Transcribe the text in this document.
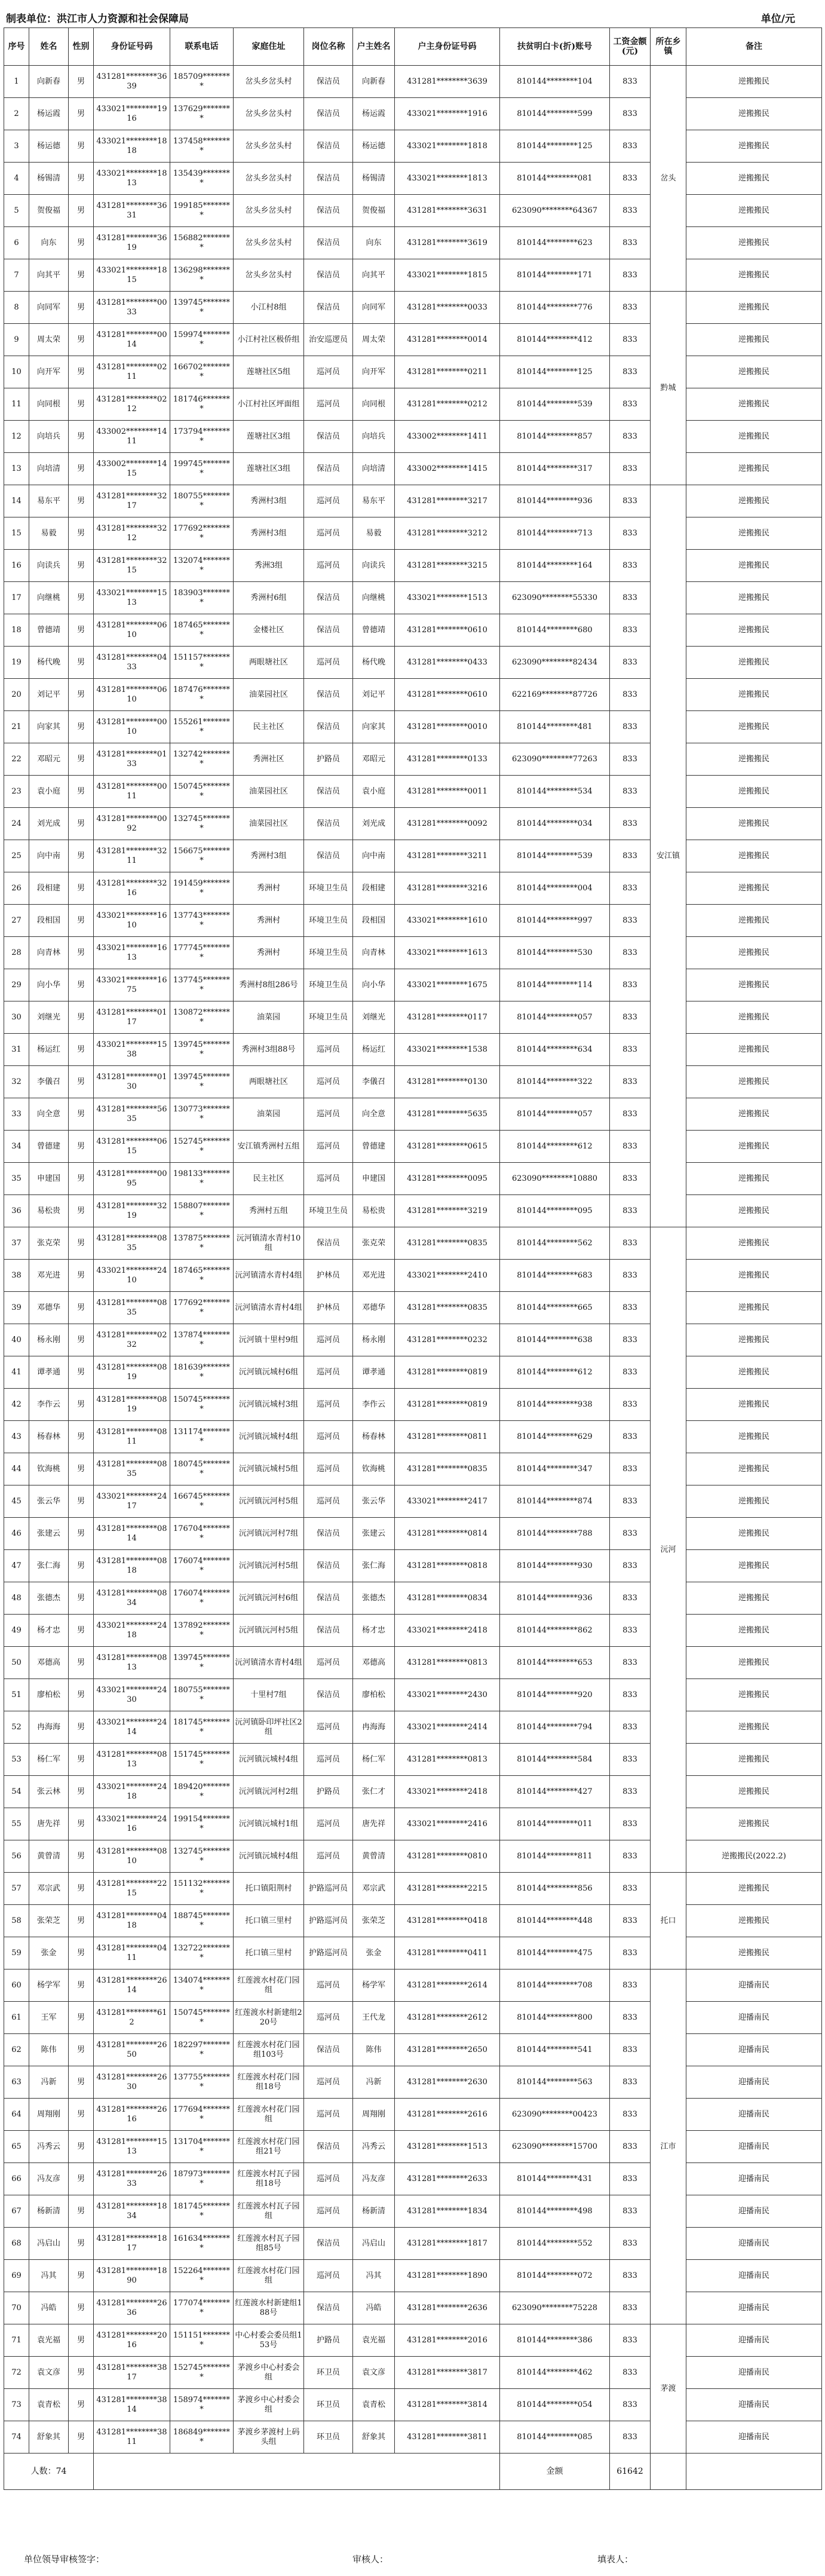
制表单位：洪江市人力资源和社会保障局	单位/元
序号	姓名	性别	身份证号码	联系电话	家庭住址	岗位名称	户主姓名	户主身份证号码	扶贫明白卡(折)账号	工资金额(元)	所在乡镇	备注
1	向新春	男	431281********3639	185709********	岔头乡岔头村	保洁员	向新春	431281********3639	810144********104	833	岔头	逆搬搬民
2	杨运霞	男	433021********1916	137629********	岔头乡岔头村	保洁员	杨运霞	433021********1916	810144********599	833		逆搬搬民
3	杨运德	男	433021********1818	137458********	岔头乡岔头村	保洁员	杨运德	433021********1818	810144********125	833		逆搬搬民
4	杨锡清	男	433021********1813	135439********	岔头乡岔头村	保洁员	杨锡清	433021********1813	810144********081	833		逆搬搬民
5	贺俊福	男	431281********3631	199185********	岔头乡岔头村	保洁员	贺俊福	431281********3631	623090********64367	833		逆搬搬民
6	向东	男	431281********3619	156882********	岔头乡岔头村	保洁员	向东	431281********3619	810144********623	833		逆搬搬民
7	向其平	男	433021********1815	136298********	岔头乡岔头村	保洁员	向其平	433021********1815	810144********171	833		逆搬搬民
8	向同军	男	431281********0033	139745********	小江村8组	保洁员	向同军	431281********0033	810144********776	833	黔城	逆搬搬民
9	周太荣	男	431281********0014	159974********	小江村社区极侨组	治安巡逻员	周太荣	431281********0014	810144********412	833		逆搬搬民
10	向开军	男	431281********0211	166702********	莲塘社区5组	巡河员	向开军	431281********0211	810144********125	833		逆搬搬民
11	向同根	男	431281********0212	181746********	小江村社区坪面组	巡河员	向同根	431281********0212	810144********539	833		逆搬搬民
12	向培兵	男	433002********1411	173794********	莲塘社区3组	保洁员	向培兵	433002********1411	810144********857	833		逆搬搬民
13	向培清	男	433002********1415	199745********	莲塘社区3组	保洁员	向培清	433002********1415	810144********317	833		逆搬搬民
14	易东平	男	431281********3217	180755********	秀洲村3组	巡河员	易东平	431281********3217	810144********936	833	安江镇	逆搬搬民
15	易毅	男	431281********3212	177692********	秀洲村3组	巡河员	易毅	431281********3212	810144********713	833		逆搬搬民
16	向读兵	男	431281********3215	132074********	秀洲3组	巡河员	向读兵	431281********3215	810144********164	833		逆搬搬民
17	向继桃	男	433021********1513	183903********	秀洲村6组	保洁员	向继桃	433021********1513	623090********55330	833		逆搬搬民
18	曾德靖	男	431281********0610	187465********	金楼社区	保洁员	曾德靖	431281********0610	810144********680	833		逆搬搬民
19	杨代晚	男	431281********0433	151157********	两眼塘社区	巡河员	杨代晚	431281********0433	623090********82434	833		逆搬搬民
20	刘记平	男	431281********0610	187476********	油菜园社区	保洁员	刘记平	431281********0610	622169********87726	833		逆搬搬民
21	向家其	男	431281********0010	155261********	民主社区	保洁员	向家其	431281********0010	810144********481	833		逆搬搬民
22	邓昭元	男	431281********0133	132742********	秀洲社区	护路员	邓昭元	431281********0133	623090********77263	833		逆搬搬民
23	袁小庭	男	431281********0011	150745********	油菜园社区	保洁员	袁小庭	431281********0011	810144********534	833		逆搬搬民
24	刘光成	男	431281********0092	132745********	油菜园社区	保洁员	刘光成	431281********0092	810144********034	833		逆搬搬民
25	向中南	男	431281********3211	156675********	秀洲村3组	保洁员	向中南	431281********3211	810144********539	833		逆搬搬民
26	段相建	男	431281********3216	191459********	秀洲村	环境卫生员	段相建	431281********3216	810144********004	833		逆搬搬民
27	段相国	男	433021********1610	137743********	秀洲村	环境卫生员	段相国	433021********1610	810144********997	833		逆搬搬民
28	向青林	男	433021********1613	177745********	秀洲村	环境卫生员	向青林	433021********1613	810144********530	833		逆搬搬民
29	向小华	男	433021********1675	137745********	秀洲村8组286号	环境卫生员	向小华	433021********1675	810144********114	833		逆搬搬民
30	刘继光	男	431281********0117	130872********	油菜园	环境卫生员	刘继光	431281********0117	810144********057	833		逆搬搬民
31	杨运红	男	433021********1538	139745********	秀洲村3组88号	巡河员	杨运红	433021********1538	810144********634	833		逆搬搬民
32	李儀召	男	431281********0130	139745********	两眼塘社区	巡河员	李儀召	431281********0130	810144********322	833		逆搬搬民
33	向全意	男	431281********5635	130773********	油菜园	巡河员	向全意	431281********5635	810144********057	833		逆搬搬民
34	曾德建	男	431281********0615	152745********	安江镇秀洲村五组	巡河员	曾德建	431281********0615	810144********612	833		逆搬搬民
35	申建国	男	431281********0095	198133********	民主社区	巡河员	申建国	431281********0095	623090********10880	833		逆搬搬民
36	易松贵	男	431281********3219	158807********	秀洲村五组	环境卫生员	易松贵	431281********3219	810144********095	833		逆搬搬民
37	张克荣	男	431281********0835	137875********	沅河镇清水青村10组	保洁员	张克荣	431281********0835	810144********562	833	沅河	逆搬搬民
38	邓光进	男	433021********2410	187465********	沅河镇清水青村4组	护林员	邓光进	433021********2410	810144********683	833		逆搬搬民
39	邓德华	男	431281********0835	177692********	沅河镇清水青村4组	护林员	邓德华	431281********0835	810144********665	833		逆搬搬民
40	杨永刚	男	431281********0232	137874********	沅河镇十里村9组	巡河员	杨永刚	431281********0232	810144********638	833		逆搬搬民
41	谭孝通	男	431281********0819	181639********	沅河镇沅城村6组	巡河员	谭孝通	431281********0819	810144********612	833		逆搬搬民
42	李作云	男	431281********0819	150745********	沅河镇沅城村3组	巡河员	李作云	431281********0819	810144********938	833		逆搬搬民
43	杨春林	男	431281********0811	131174********	沅河镇沅城村4组	巡河员	杨春林	431281********0811	810144********629	833		逆搬搬民
44	钦海桃	男	431281********0835	180745********	沅河镇沅城村5组	巡河员	钦海桃	431281********0835	810144********347	833		逆搬搬民
45	张云华	男	433021********2417	166745********	沅河镇沅河村5组	巡河员	张云华	433021********2417	810144********874	833		逆搬搬民
46	张建云	男	431281********0814	176704********	沅河镇沅河村7组	保洁员	张建云	431281********0814	810144********788	833		逆搬搬民
47	张仁海	男	431281********0818	176074********	沅河镇沅河村5组	保洁员	张仁海	431281********0818	810144********930	833		逆搬搬民
48	张德杰	男	431281********0834	176074********	沅河镇沅河村6组	保洁员	张德杰	431281********0834	810144********936	833		逆搬搬民
49	杨才忠	男	433021********2418	137892********	沅河镇沅河村5组	保洁员	杨才忠	433021********2418	810144********862	833		逆搬搬民
50	邓德高	男	431281********0813	139745********	沅河镇清水青村4组	巡河员	邓德高	431281********0813	810144********653	833		逆搬搬民
51	廖柏松	男	433021********2430	180755********	十里村7组	保洁员	廖柏松	433021********2430	810144********920	833		逆搬搬民
52	冉海海	男	433021********2414	181745********	沅河镇卧印坪社区2组	巡河员	冉海海	433021********2414	810144********794	833		逆搬搬民
53	杨仁军	男	431281********0813	151745********	沅河镇沅城村4组	巡河员	杨仁军	431281********0813	810144********584	833		逆搬搬民
54	张云林	男	433021********2418	189420********	沅河镇沅河村2组	护路员	张仁才	433021********2418	810144********427	833		逆搬搬民
55	唐先祥	男	433021********2416	199154********	沅河镇沅城村1组	巡河员	唐先祥	433021********2416	810144********011	833		逆搬搬民
56	黄曾清	男	431281********0810	132745********	沅河镇沅城村4组	巡河员	黄曾清	431281********0810	810144********811	833		逆搬搬民(2022.2)
57	邓宗武	男	431281********2215	151132********	托口镇阳荆村	护路巡河员	邓宗武	431281********2215	810144********856	833	托口	逆搬搬民
58	张荣芝	男	431281********0418	188745********	托口镇三里村	护路巡河员	张荣芝	431281********0418	810144********448	833		逆搬搬民
59	张金	男	431281********0411	132722********	托口镇三里村	护路巡河员	张金	431281********0411	810144********475	833		逆搬搬民
60	杨学军	男	431281********2614	134074********	红莲渡水村花门园组	巡河员	杨学军	431281********2614	810144********708	833	江市	迎播南民
61	王军	男	431281********612	150745********	红莲渡水村新建组220号	巡河员	王代龙	431281********2612	810144********800	833		迎播南民
62	陈伟	男	431281********2650	182297********	红莲渡水村花门园组103号	保洁员	陈伟	431281********2650	810144********541	833		迎播南民
63	冯新	男	431281********2630	137755********	红莲渡水村花门园组18号	巡河员	冯新	431281********2630	810144********563	833		迎播南民
64	周翔刚	男	431281********2616	177694********	红莲渡水村花门园组	巡河员	周翔刚	431281********2616	623090********00423	833		迎播南民
65	冯秀云	男	431281********1513	131704********	红莲渡水村花门园组21号	保洁员	冯秀云	431281********1513	623090********15700	833		迎播南民
66	冯友彦	男	431281********2633	187973********	红莲渡水村瓦子园组18号	巡河员	冯友彦	431281********2633	810144********431	833		迎播南民
67	杨新清	男	431281********1834	181745********	红莲渡水村瓦子园组	巡河员	杨新清	431281********1834	810144********498	833		迎播南民
68	冯启山	男	431281********1817	161634********	红莲渡水村瓦子园组85号	保洁员	冯启山	431281********1817	810144********552	833		迎播南民
69	冯其	男	431281********1890	152264********	红莲渡水村花门园组	巡河员	冯其	431281********1890	810144********072	833		迎播南民
70	冯皓	男	431281********2636	177074********	红莲渡水村新建组188号	保洁员	冯皓	431281********2636	623090********75228	833		迎播南民
71	袁光福	男	431281********2016	151151********	中心村委会委员组153号	护路员	袁光福	431281********2016	810144********386	833	茅渡	迎播南民
72	袁文彦	男	431281********3817	152745********	茅渡乡中心村委会组	环卫员	袁文彦	431281********3817	810144********462	833		迎播南民
73	袁青松	男	431281********3814	158974********	茅渡乡中心村委会组	环卫员	袁青松	431281********3814	810144********054	833		迎播南民
74	舒象其	男	431281********3811	186849********	茅渡乡茅渡村上码头组	环卫员	舒象其	431281********3811	810144********085	833		迎播南民
人数：74									金额	61642		
单位领导审核签字：	审核人：	填表人：
